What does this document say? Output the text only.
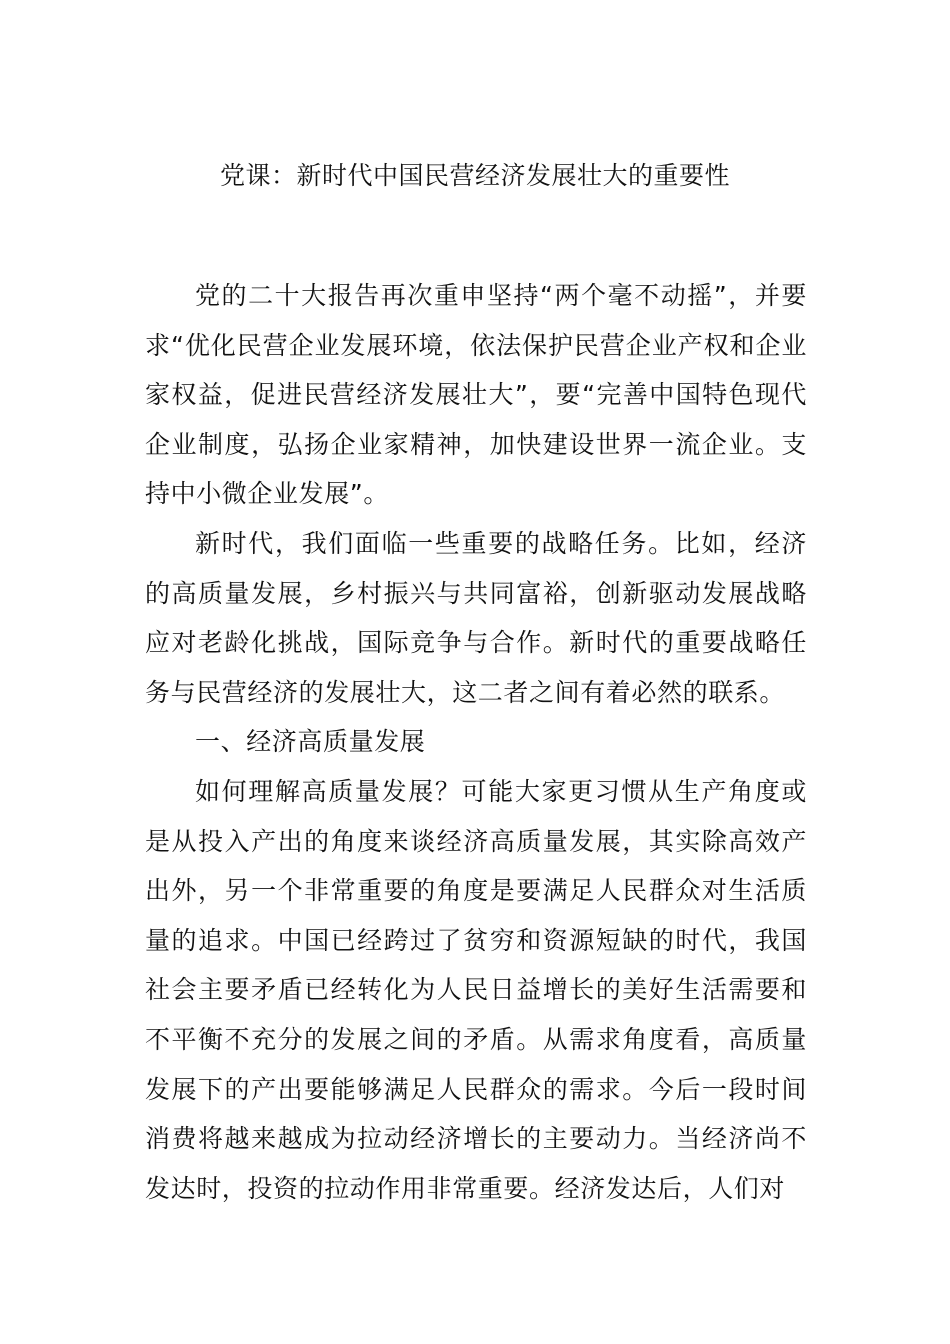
党课：新时代中国民营经济发展壮大的重要性

党的二十大报告再次重申坚持“两个毫不动摇”，并要求“优化民营企业发展环境，依法保护民营企业产权和企业家权益，促进民营经济发展壮大”，要“完善中国特色现代企业制度，弘扬企业家精神，加快建设世界一流企业。支持中小微企业发展”。

新时代，我们面临一些重要的战略任务。比如，经济的高质量发展，乡村振兴与共同富裕，创新驱动发展战略应对老龄化挑战，国际竞争与合作。新时代的重要战略任务与民营经济的发展壮大，这二者之间有着必然的联系。

一、经济高质量发展

如何理解高质量发展？可能大家更习惯从生产角度或是从投入产出的角度来谈经济高质量发展，其实除高效产出外，另一个非常重要的角度是要满足人民群众对生活质量的追求。中国已经跨过了贫穷和资源短缺的时代，我国社会主要矛盾已经转化为人民日益增长的美好生活需要和不平衡不充分的发展之间的矛盾。从需求角度看，高质量发展下的产出要能够满足人民群众的需求。今后一段时间消费将越来越成为拉动经济增长的主要动力。当经济尚不发达时，投资的拉动作用非常重要。经济发达后，人们对
